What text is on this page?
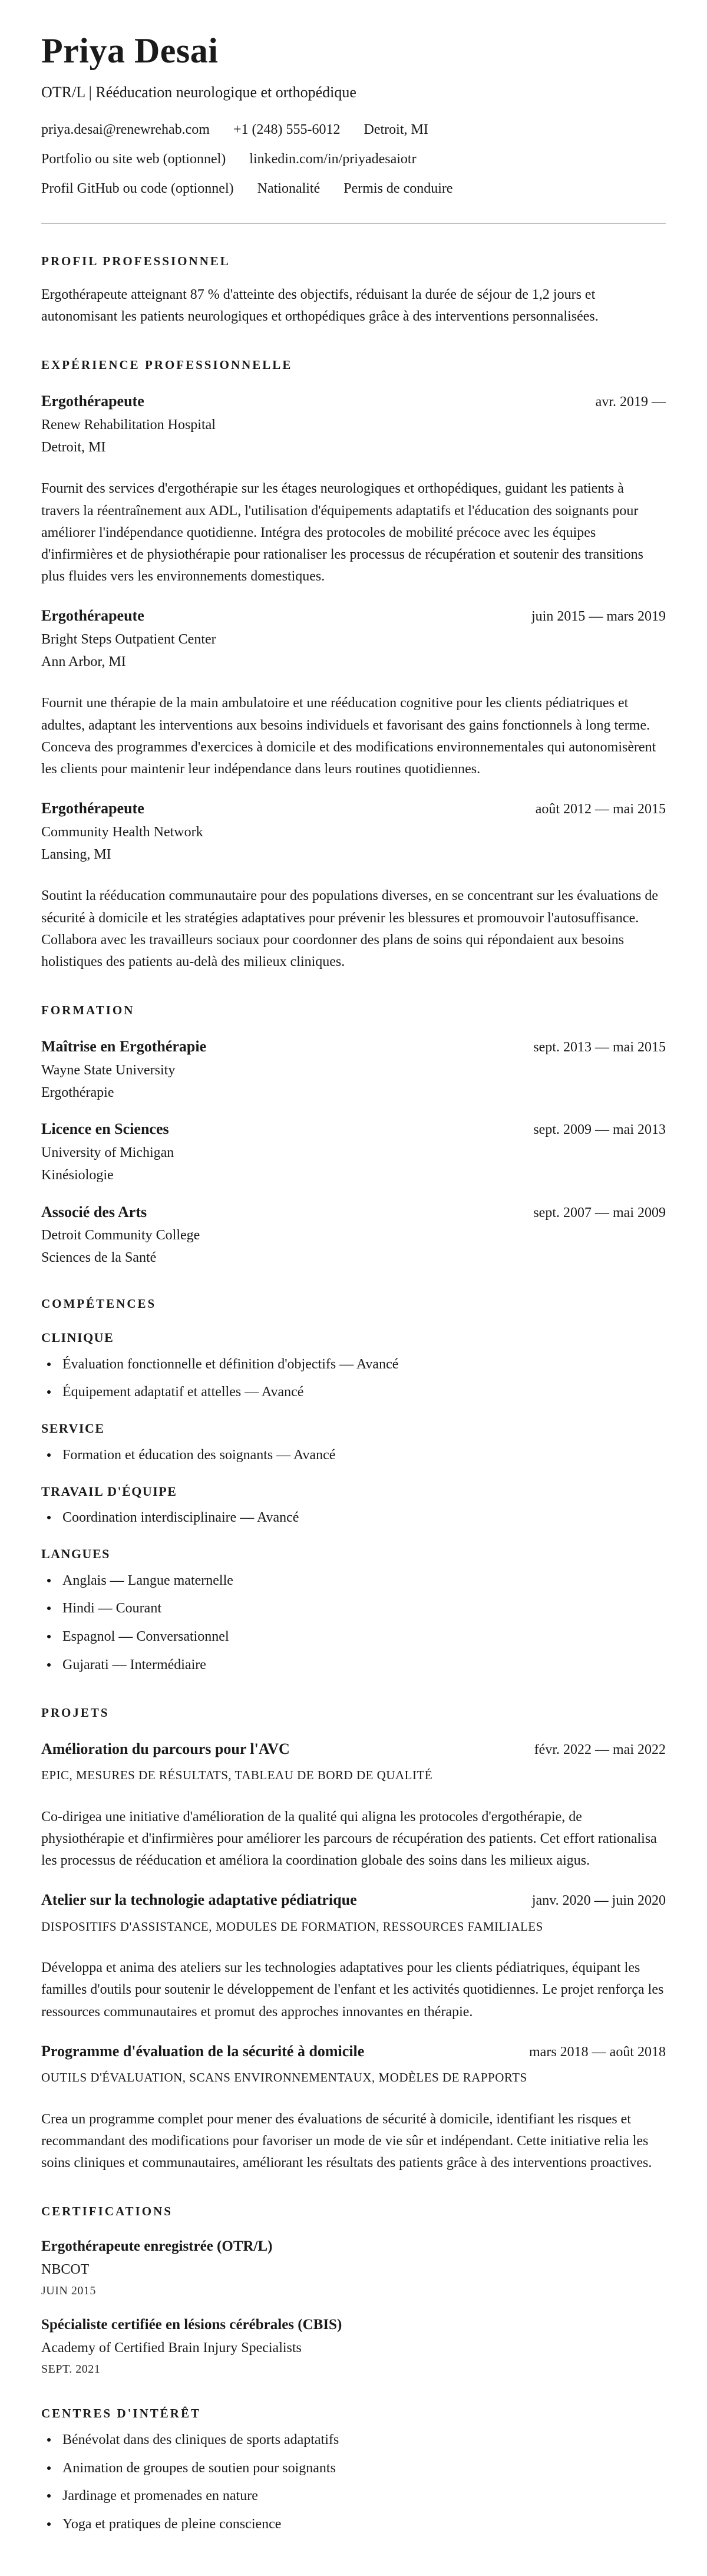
Priya Desai
OTR/L | Rééducation neurologique et orthopédique
priya.desai@renewrehab.com +1 (248) 555-6012 Detroit, MI
Portfolio ou site web (optionnel) linkedin.com/in/priyadesaiotr
Profil GitHub ou code (optionnel) Nationalité Permis de conduire
PROFIL PROFESSIONNEL

Ergothérapeute atteignant 87 % d'atteinte des objectifs, réduisant la durée de séjour de 1,2 jours et autonomisant les patients neurologiques et orthopédiques grâce à des interventions personnalisées.

EXPÉRIENCE PROFESSIONNELLE
Ergothérapeute	avr. 2019 —
Renew Rehabilitation Hospital
Detroit, MI

Fournit des services d'ergothérapie sur les étages neurologiques et orthopédiques, guidant les patients à travers la réentraînement aux ADL, l'utilisation d'équipements adaptatifs et l'éducation des soignants pour améliorer l'indépendance quotidienne. Intégra des protocoles de mobilité précoce avec les équipes d'infirmières et de physiothérapie pour rationaliser les processus de récupération et soutenir des transitions plus fluides vers les environnements domestiques.

Ergothérapeute	juin 2015 — mars 2019
Bright Steps Outpatient Center
Ann Arbor, MI

Fournit une thérapie de la main ambulatoire et une rééducation cognitive pour les clients pédiatriques et adultes, adaptant les interventions aux besoins individuels et favorisant des gains fonctionnels à long terme. Conceva des programmes d'exercices à domicile et des modifications environnementales qui autonomisèrent les clients pour maintenir leur indépendance dans leurs routines quotidiennes.

Ergothérapeute	août 2012 — mai 2015
Community Health Network
Lansing, MI

Soutint la rééducation communautaire pour des populations diverses, en se concentrant sur les évaluations de sécurité à domicile et les stratégies adaptatives pour prévenir les blessures et promouvoir l'autosuffisance. Collabora avec les travailleurs sociaux pour coordonner des plans de soins qui répondaient aux besoins holistiques des patients au-delà des milieux cliniques.

FORMATION
Maîtrise en Ergothérapie	sept. 2013 — mai 2015
Wayne State University
Ergothérapie
Licence en Sciences	sept. 2009 — mai 2013
University of Michigan
Kinésiologie
Associé des Arts	sept. 2007 — mai 2009
Detroit Community College
Sciences de la Santé
COMPÉTENCES
CLINIQUE
Évaluation fonctionnelle et définition d'objectifs — Avancé
Équipement adaptatif et attelles — Avancé
SERVICE
Formation et éducation des soignants — Avancé
TRAVAIL D'ÉQUIPE
Coordination interdisciplinaire — Avancé
LANGUES
Anglais — Langue maternelle
Hindi — Courant
Espagnol — Conversationnel
Gujarati — Intermédiaire
PROJETS
Amélioration du parcours pour l'AVC	févr. 2022 — mai 2022
EPIC, MESURES DE RÉSULTATS, TABLEAU DE BORD DE QUALITÉ

Co-dirigea une initiative d'amélioration de la qualité qui aligna les protocoles d'ergothérapie, de physiothérapie et d'infirmières pour améliorer les parcours de récupération des patients. Cet effort rationalisa les processus de rééducation et améliora la coordination globale des soins dans les milieux aigus.

Atelier sur la technologie adaptative pédiatrique	janv. 2020 — juin 2020
DISPOSITIFS D'ASSISTANCE, MODULES DE FORMATION, RESSOURCES FAMILIALES

Développa et anima des ateliers sur les technologies adaptatives pour les clients pédiatriques, équipant les familles d'outils pour soutenir le développement de l'enfant et les activités quotidiennes. Le projet renforça les ressources communautaires et promut des approches innovantes en thérapie.

Programme d'évaluation de la sécurité à domicile	mars 2018 — août 2018
OUTILS D'ÉVALUATION, SCANS ENVIRONNEMENTAUX, MODÈLES DE RAPPORTS

Crea un programme complet pour mener des évaluations de sécurité à domicile, identifiant les risques et recommandant des modifications pour favoriser un mode de vie sûr et indépendant. Cette initiative relia les soins cliniques et communautaires, améliorant les résultats des patients grâce à des interventions proactives.

CERTIFICATIONS
Ergothérapeute enregistrée (OTR/L)
NBCOT
JUIN 2015
Spécialiste certifiée en lésions cérébrales (CBIS)
Academy of Certified Brain Injury Specialists
SEPT. 2021
CENTRES D'INTÉRÊT
Bénévolat dans des cliniques de sports adaptatifs
Animation de groupes de soutien pour soignants
Jardinage et promenades en nature
Yoga et pratiques de pleine conscience
